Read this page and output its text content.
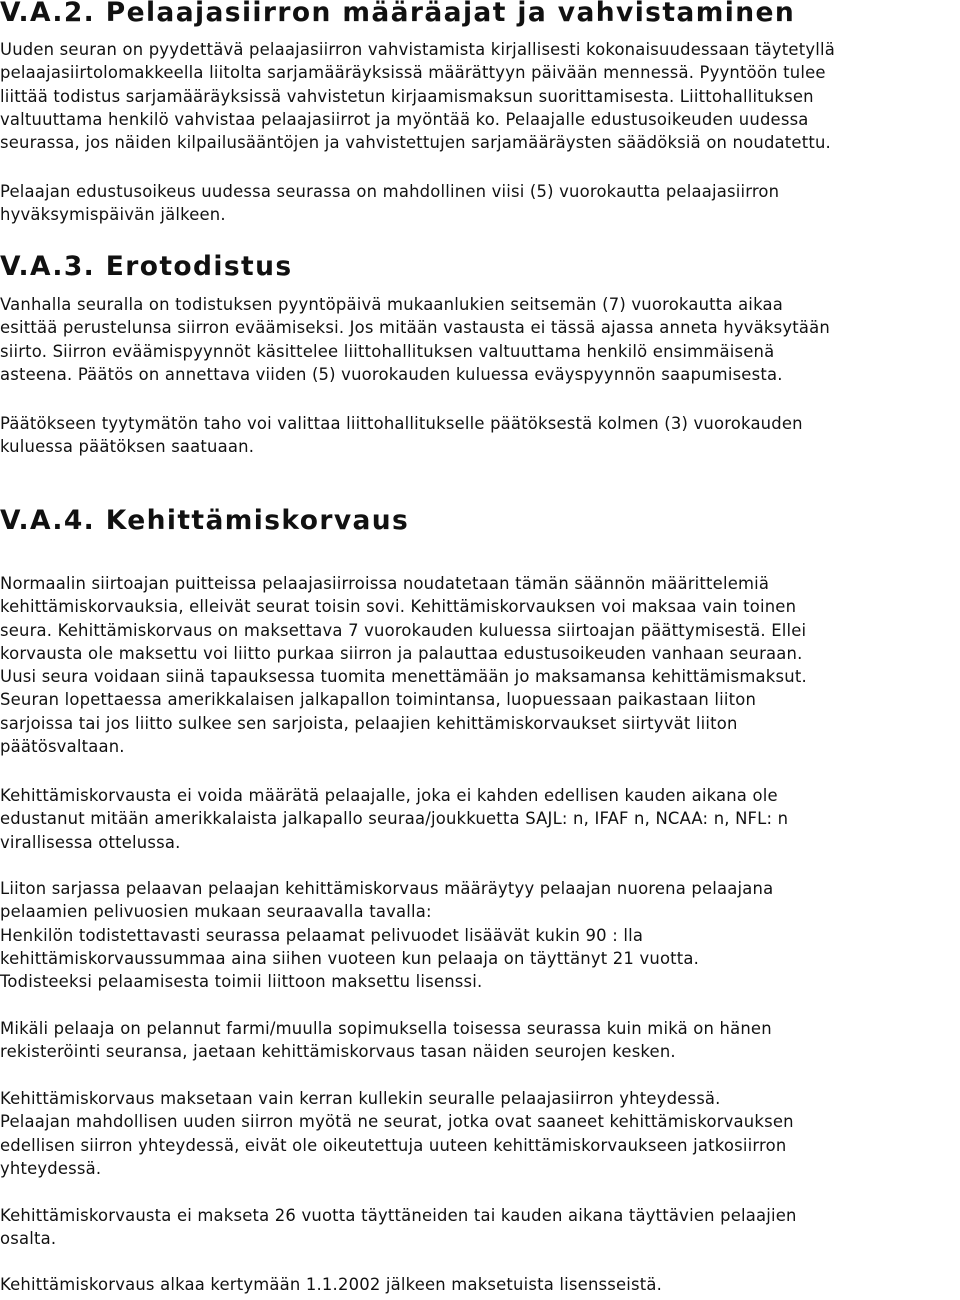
V.A.2. Pelaajasiirron määräajat ja vahvistaminen
Uuden seuran on pyydettävä pelaajasiirron vahvistamista kirjallisesti kokonaisuudessaan täytetyllä
pelaajasiirtolomakkeella liitolta sarjamääräyksissä määrättyyn päivään mennessä. Pyyntöön tulee
liittää todistus sarjamääräyksissä vahvistetun kirjaamismaksun suorittamisesta. Liittohallituksen
valtuuttama henkilö vahvistaa pelaajasiirrot ja myöntää ko. Pelaajalle edustusoikeuden uudessa
seurassa, jos näiden kilpailusääntöjen ja vahvistettujen sarjamääräysten säädöksiä on noudatettu.
Pelaajan edustusoikeus uudessa seurassa on mahdollinen viisi (5) vuorokautta pelaajasiirron
hyväksymispäivän jälkeen.
V.A.3. Erotodistus
Vanhalla seuralla on todistuksen pyyntöpäivä mukaanlukien seitsemän (7) vuorokautta aikaa
esittää perustelunsa siirron eväämiseksi. Jos mitään vastausta ei tässä ajassa anneta hyväksytään
siirto. Siirron eväämispyynnöt käsittelee liittohallituksen valtuuttama henkilö ensimmäisenä
asteena. Päätös on annettava viiden (5) vuorokauden kuluessa eväyspyynnön saapumisesta.
Päätökseen tyytymätön taho voi valittaa liittohallitukselle päätöksestä kolmen (3) vuorokauden
kuluessa päätöksen saatuaan.
V.A.4. Kehittämiskorvaus
Normaalin siirtoajan puitteissa pelaajasiirroissa noudatetaan tämän säännön määrittelemiä
kehittämiskorvauksia, elleivät seurat toisin sovi. Kehittämiskorvauksen voi maksaa vain toinen
seura. Kehittämiskorvaus on maksettava 7 vuorokauden kuluessa siirtoajan päättymisestä. Ellei
korvausta ole maksettu voi liitto purkaa siirron ja palauttaa edustusoikeuden vanhaan seuraan.
Uusi seura voidaan siinä tapauksessa tuomita menettämään jo maksamansa kehittämismaksut.
Seuran lopettaessa amerikkalaisen jalkapallon toimintansa, luopuessaan paikastaan liiton
sarjoissa tai jos liitto sulkee sen sarjoista, pelaajien kehittämiskorvaukset siirtyvät liiton
päätösvaltaan.
Kehittämiskorvausta ei voida määrätä pelaajalle, joka ei kahden edellisen kauden aikana ole
edustanut mitään amerikkalaista jalkapallo seuraa/joukkuetta SAJL: n, IFAF n, NCAA: n, NFL: n
virallisessa ottelussa.
Liiton sarjassa pelaavan pelaajan kehittämiskorvaus määräytyy pelaajan nuorena pelaajana
pelaamien pelivuosien mukaan seuraavalla tavalla:
Henkilön todistettavasti seurassa pelaamat pelivuodet lisäävät kukin 90 : lla
kehittämiskorvaussummaa aina siihen vuoteen kun pelaaja on täyttänyt 21 vuotta.
Todisteeksi pelaamisesta toimii liittoon maksettu lisenssi.
Mikäli pelaaja on pelannut farmi/muulla sopimuksella toisessa seurassa kuin mikä on hänen
rekisteröinti seuransa, jaetaan kehittämiskorvaus tasan näiden seurojen kesken.
Kehittämiskorvaus maksetaan vain kerran kullekin seuralle pelaajasiirron yhteydessä.
Pelaajan mahdollisen uuden siirron myötä ne seurat, jotka ovat saaneet kehittämiskorvauksen
edellisen siirron yhteydessä, eivät ole oikeutettuja uuteen kehittämiskorvaukseen jatkosiirron
yhteydessä.
Kehittämiskorvausta ei makseta 26 vuotta täyttäneiden tai kauden aikana täyttävien pelaajien
osalta.
Kehittämiskorvaus alkaa kertymään 1.1.2002 jälkeen maksetuista lisensseistä.
